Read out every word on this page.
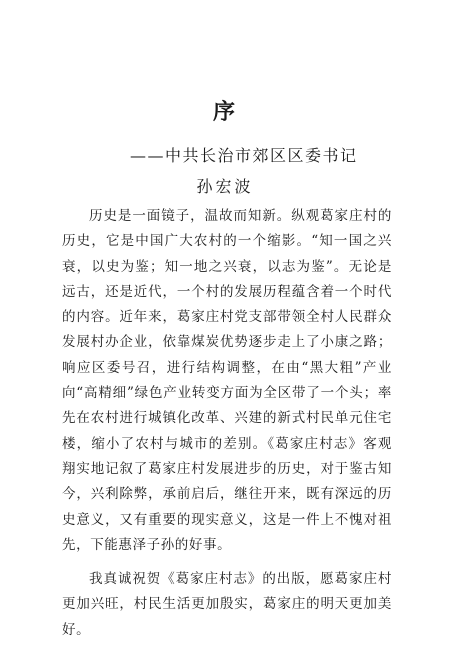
序
——中共长治市郊区区委书记
孙宏波

历史是一面镜子，温故而知新。纵观葛家庄村的历史，它是中国广大农村的一个缩影。“知一国之兴衰，以史为鉴；知一地之兴衰，以志为鉴”。无论是远古，还是近代，一个村的发展历程蕴含着一个时代的内容。近年来，葛家庄村党支部带领全村人民群众发展村办企业，依靠煤炭优势逐步走上了小康之路；响应区委号召，进行结构调整，在由“黑大粗”产业向“高精细”绿色产业转变方面为全区带了一个头；率先在农村进行城镇化改革、兴建的新式村民单元住宅楼，缩小了农村与城市的差别。《葛家庄村志》客观翔实地记叙了葛家庄村发展进步的历史，对于鉴古知今，兴利除弊，承前启后，继往开来，既有深远的历史意义，又有重要的现实意义，这是一件上不愧对祖先，下能惠泽子孙的好事。

我真诚祝贺《葛家庄村志》的出版，愿葛家庄村更加兴旺，村民生活更加殷实，葛家庄的明天更加美好。
